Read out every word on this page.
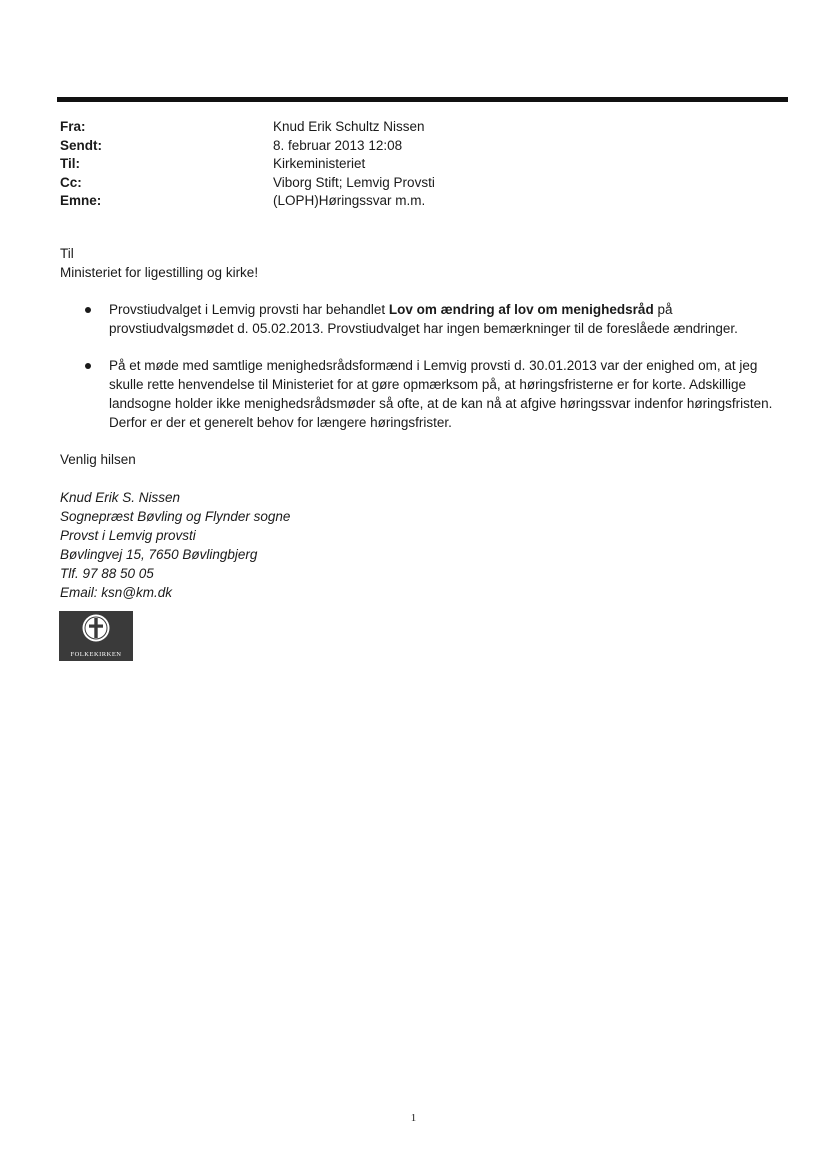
Fra:	Knud Erik Schultz Nissen
Sendt:	8. februar 2013 12:08
Til:	Kirkeministeriet
Cc:	Viborg Stift; Lemvig Provsti
Emne:	(LOPH)Høringssvar m.m.

Til

Ministeriet for ligestilling og kirke!

Provstiudvalget i Lemvig provsti har behandlet Lov om ændring af lov om menighedsråd på provstiudvalgsmødet d. 05.02.2013. Provstiudvalget har ingen bemærkninger til de foreslåede ændringer.
På et møde med samtlige menighedsrådsformænd i Lemvig provsti d. 30.01.2013 var der enighed om, at jeg skulle rette henvendelse til Ministeriet for at gøre opmærksom på, at høringsfristerne er for korte. Adskillige landsogne holder ikke menighedsrådsmøder så ofte, at de kan nå at afgive høringssvar indenfor høringsfristen. Derfor er der et generelt behov for længere høringsfrister.

Venlig hilsen

Knud Erik S. Nissen

Sognepræst Bøvling og Flynder sogne

Provst i Lemvig provsti

Bøvlingvej 15, 7650 Bøvlingbjerg

Tlf. 97 88 50 05

Email: ksn@km.dk

FOLKEKIRKEN
1
